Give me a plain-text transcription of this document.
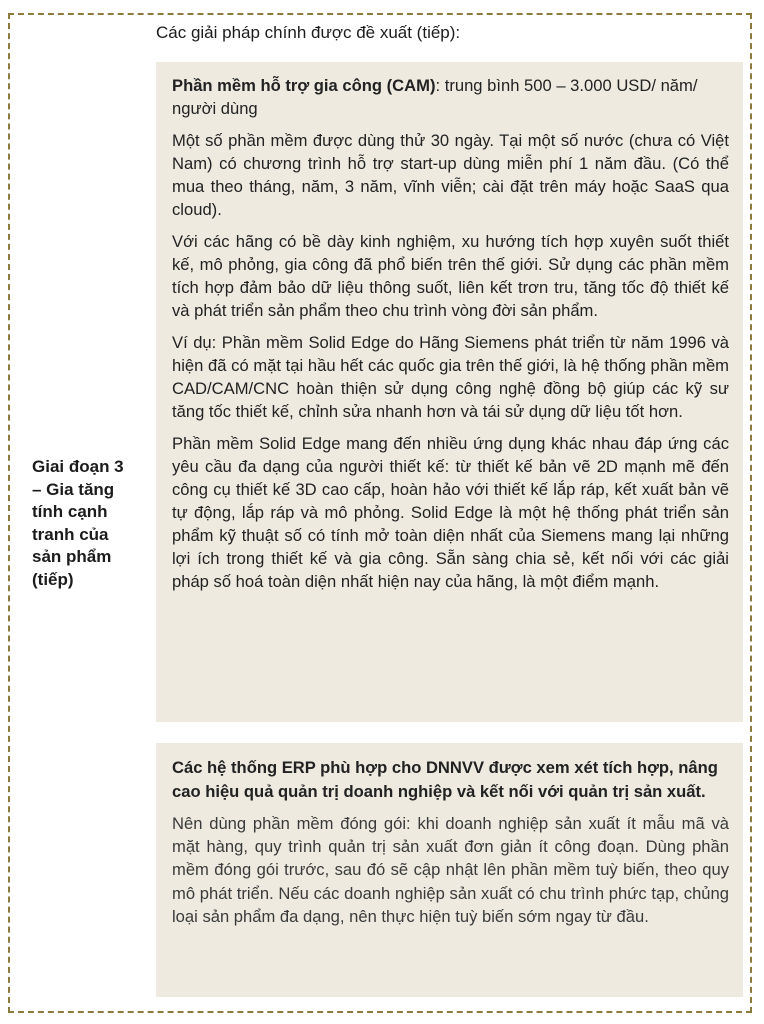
Các giải pháp chính được đề xuất (tiếp):
Giai đoạn 3
– Gia tăng
tính cạnh
tranh của
sản phẩm
(tiếp)

Phần mềm hỗ trợ gia công (CAM): trung bình 500 – 3.000 USD/ năm/ người dùng

Một số phần mềm được dùng thử 30 ngày. Tại một số nước (chưa có Việt Nam) có chương trình hỗ trợ start-up dùng miễn phí 1 năm đầu. (Có thể mua theo tháng, năm, 3 năm, vĩnh viễn; cài đặt trên máy hoặc SaaS qua cloud).

Với các hãng có bề dày kinh nghiệm, xu hướng tích hợp xuyên suốt thiết kế, mô phỏng, gia công đã phổ biến trên thế giới. Sử dụng các phần mềm tích hợp đảm bảo dữ liệu thông suốt, liên kết trơn tru, tăng tốc độ thiết kế và phát triển sản phẩm theo chu trình vòng đời sản phẩm.

Ví dụ: Phần mềm Solid Edge do Hãng Siemens phát triển từ năm 1996 và hiện đã có mặt tại hầu hết các quốc gia trên thế giới, là hệ thống phần mềm CAD/CAM/CNC hoàn thiện sử dụng công nghệ đồng bộ giúp các kỹ sư tăng tốc thiết kế, chỉnh sửa nhanh hơn và tái sử dụng dữ liệu tốt hơn.

Phần mềm Solid Edge mang đến nhiều ứng dụng khác nhau đáp ứng các yêu cầu đa dạng của người thiết kế: từ thiết kế bản vẽ 2D mạnh mẽ đến công cụ thiết kế 3D cao cấp, hoàn hảo với thiết kế lắp ráp, kết xuất bản vẽ tự động, lắp ráp và mô phỏng. Solid Edge là một hệ thống phát triển sản phẩm kỹ thuật số có tính mở toàn diện nhất của Siemens mang lại những lợi ích trong thiết kế và gia công. Sẵn sàng chia sẻ, kết nối với các giải pháp số hoá toàn diện nhất hiện nay của hãng, là một điểm mạnh.

Các hệ thống ERP phù hợp cho DNNVV được xem xét tích hợp, nâng cao hiệu quả quản trị doanh nghiệp và kết nối với quản trị sản xuất.

Nên dùng phần mềm đóng gói: khi doanh nghiệp sản xuất ít mẫu mã và mặt hàng, quy trình quản trị sản xuất đơn giản ít công đoạn. Dùng phần mềm đóng gói trước, sau đó sẽ cập nhật lên phần mềm tuỳ biến, theo quy mô phát triển. Nếu các doanh nghiệp sản xuất có chu trình phức tạp, chủng loại sản phẩm đa dạng, nên thực hiện tuỳ biến sớm ngay từ đầu.
